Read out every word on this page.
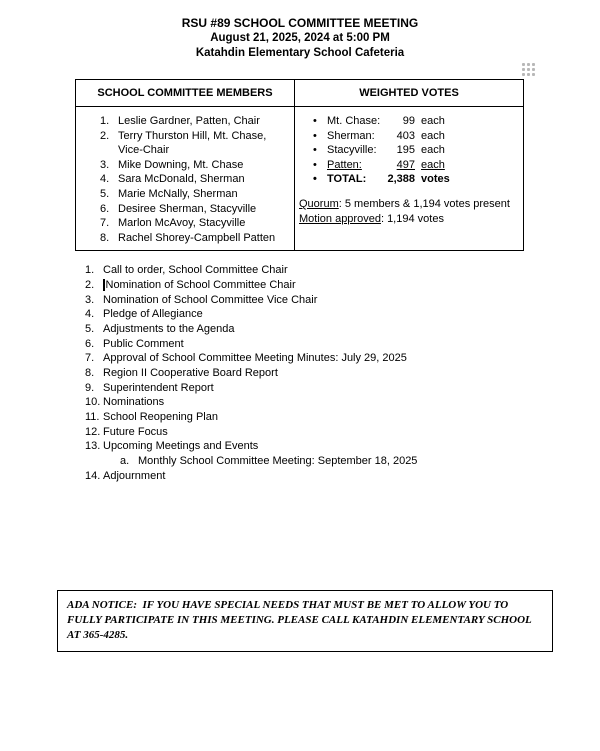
RSU #89 SCHOOL COMMITTEE MEETING
August 21, 2025, 2024 at 5:00 PM
Katahdin Elementary School Cafeteria
SCHOOL COMMITTEE MEMBERS	WEIGHTED VOTES
1. Leslie Gardner, Patten, Chair
2. Terry Thurston Hill, Mt. Chase, Vice-Chair
3. Mike Downing, Mt. Chase
4. Sara McDonald, Sherman
5. Marie McNally, Sherman
6. Desiree Sherman, Stacyville
7. Marlon McAvoy, Stacyville
8. Rachel Shorey-Campbell Patten
• Mt. Chase:	99 each
• Sherman:	403 each
• Stacyville:	195 each
• Patten:	497 each
• TOTAL:	2,388 votes
Quorum: 5 members & 1,194 votes present
Motion approved: 1,194 votes
1. Call to order, School Committee Chair
2.	Nomination of School Committee Chair
3. Nomination of School Committee Vice Chair
4. Pledge of Allegiance
5. Adjustments to the Agenda
6. Public Comment
7. Approval of School Committee Meeting Minutes: July 29, 2025
8. Region II Cooperative Board Report
9. Superintendent Report
10. Nominations
11. School Reopening Plan
12. Future Focus
13. Upcoming Meetings and Events
a. Monthly School Committee Meeting: September 18, 2025
14. Adjournment
ADA NOTICE:  IF YOU HAVE SPECIAL NEEDS THAT MUST BE MET TO ALLOW YOU TO FULLY PARTICIPATE IN THIS MEETING. PLEASE CALL KATAHDIN ELEMENTARY SCHOOL AT 365-4285.
